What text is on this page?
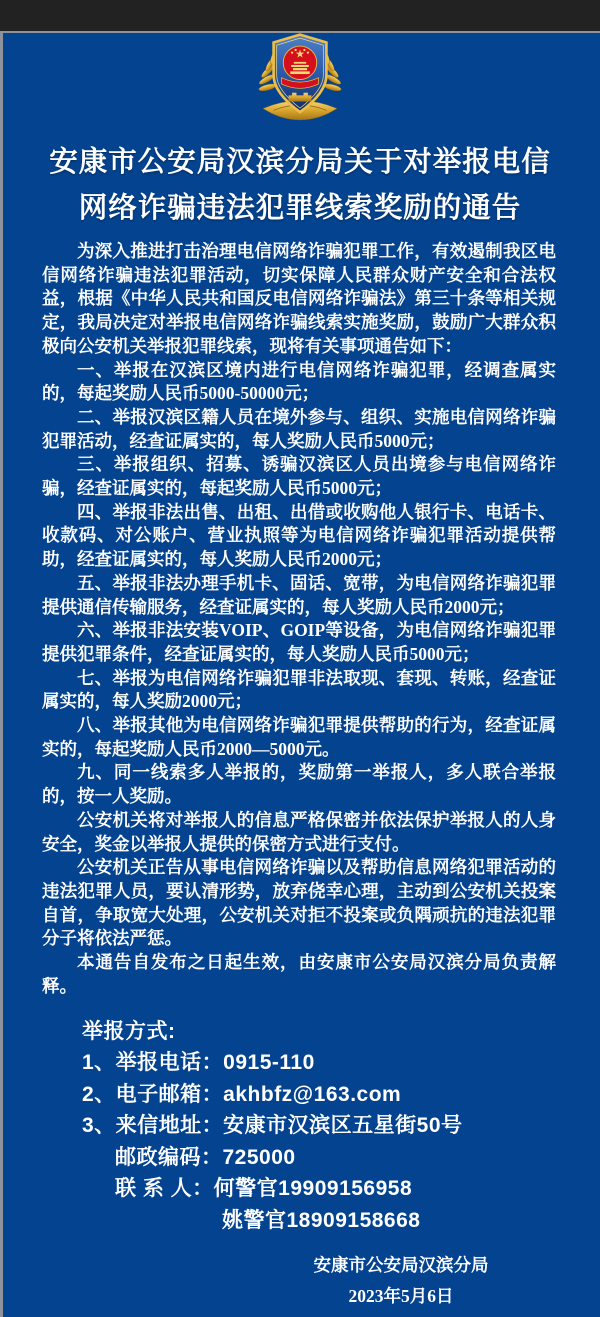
安康市公安局汉滨分局关于对举报电信
网络诈骗违法犯罪线索奖励的通告

为深入推进打击治理电信网络诈骗犯罪工作，有效遏制我区电信网络诈骗违法犯罪活动，切实保障人民群众财产安全和合法权益，根据《中华人民共和国反电信网络诈骗法》第三十条等相关规定，我局决定对举报电信网络诈骗线索实施奖励，鼓励广大群众积极向公安机关举报犯罪线索，现将有关事项通告如下：

一、举报在汉滨区境内进行电信网络诈骗犯罪，经调查属实的，每起奖励人民币5000-50000元；

二、举报汉滨区籍人员在境外参与、组织、实施电信网络诈骗犯罪活动，经查证属实的，每人奖励人民币5000元；

三、举报组织、招募、诱骗汉滨区人员出境参与电信网络诈骗，经查证属实的，每起奖励人民币5000元；

四、举报非法出售、出租、出借或收购他人银行卡、电话卡、收款码、对公账户、营业执照等为电信网络诈骗犯罪活动提供帮助，经查证属实的，每人奖励人民币2000元；

五、举报非法办理手机卡、固话、宽带，为电信网络诈骗犯罪提供通信传输服务，经查证属实的，每人奖励人民币2000元；

六、举报非法安装VOIP、GOIP等设备，为电信网络诈骗犯罪提供犯罪条件，经查证属实的，每人奖励人民币5000元；

七、举报为电信网络诈骗犯罪非法取现、套现、转账，经查证属实的，每人奖励2000元；

八、举报其他为电信网络诈骗犯罪提供帮助的行为，经查证属实的，每起奖励人民币2000—5000元。

九、同一线索多人举报的，奖励第一举报人，多人联合举报的，按一人奖励。

公安机关将对举报人的信息严格保密并依法保护举报人的人身安全，奖金以举报人提供的保密方式进行支付。

公安机关正告从事电信网络诈骗以及帮助信息网络犯罪活动的违法犯罪人员，要认清形势，放弃侥幸心理，主动到公安机关投案自首，争取宽大处理，公安机关对拒不投案或负隅顽抗的违法犯罪分子将依法严惩。

本通告自发布之日起生效，由安康市公安局汉滨分局负责解释。

举报方式:
1、举报电话：0915-110
2、电子邮箱：akhbfz@163.com
3、来信地址：安康市汉滨区五星街50号
邮政编码：725000
联 系 人：何警官19909156958
姚警官18909158668
安康市公安局汉滨分局
2023年5月6日
